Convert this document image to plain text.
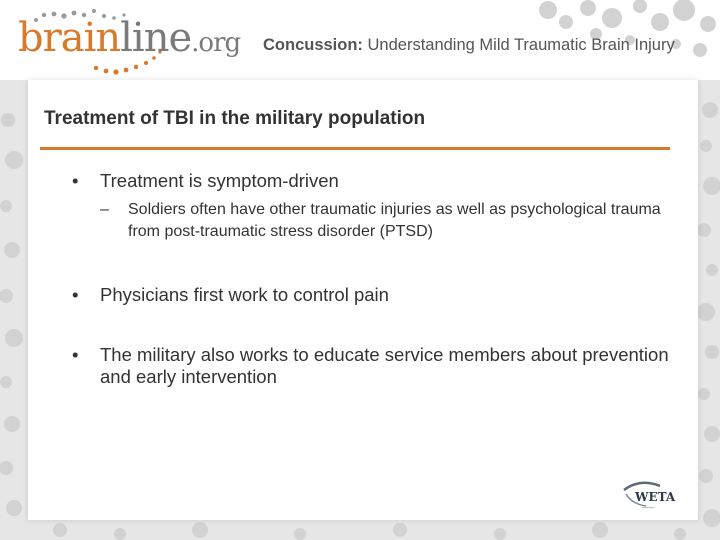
brainline.org Concussion: Understanding Mild Traumatic Brain Injury
Treatment of TBI in the military population
• Treatment is symptom-driven
– Soldiers often have other traumatic injuries as well as psychological trauma from post-traumatic stress disorder (PTSD)
• Physicians first work to control pain
• The military also works to educate service members about prevention and early intervention
WETA
━━━━━━
